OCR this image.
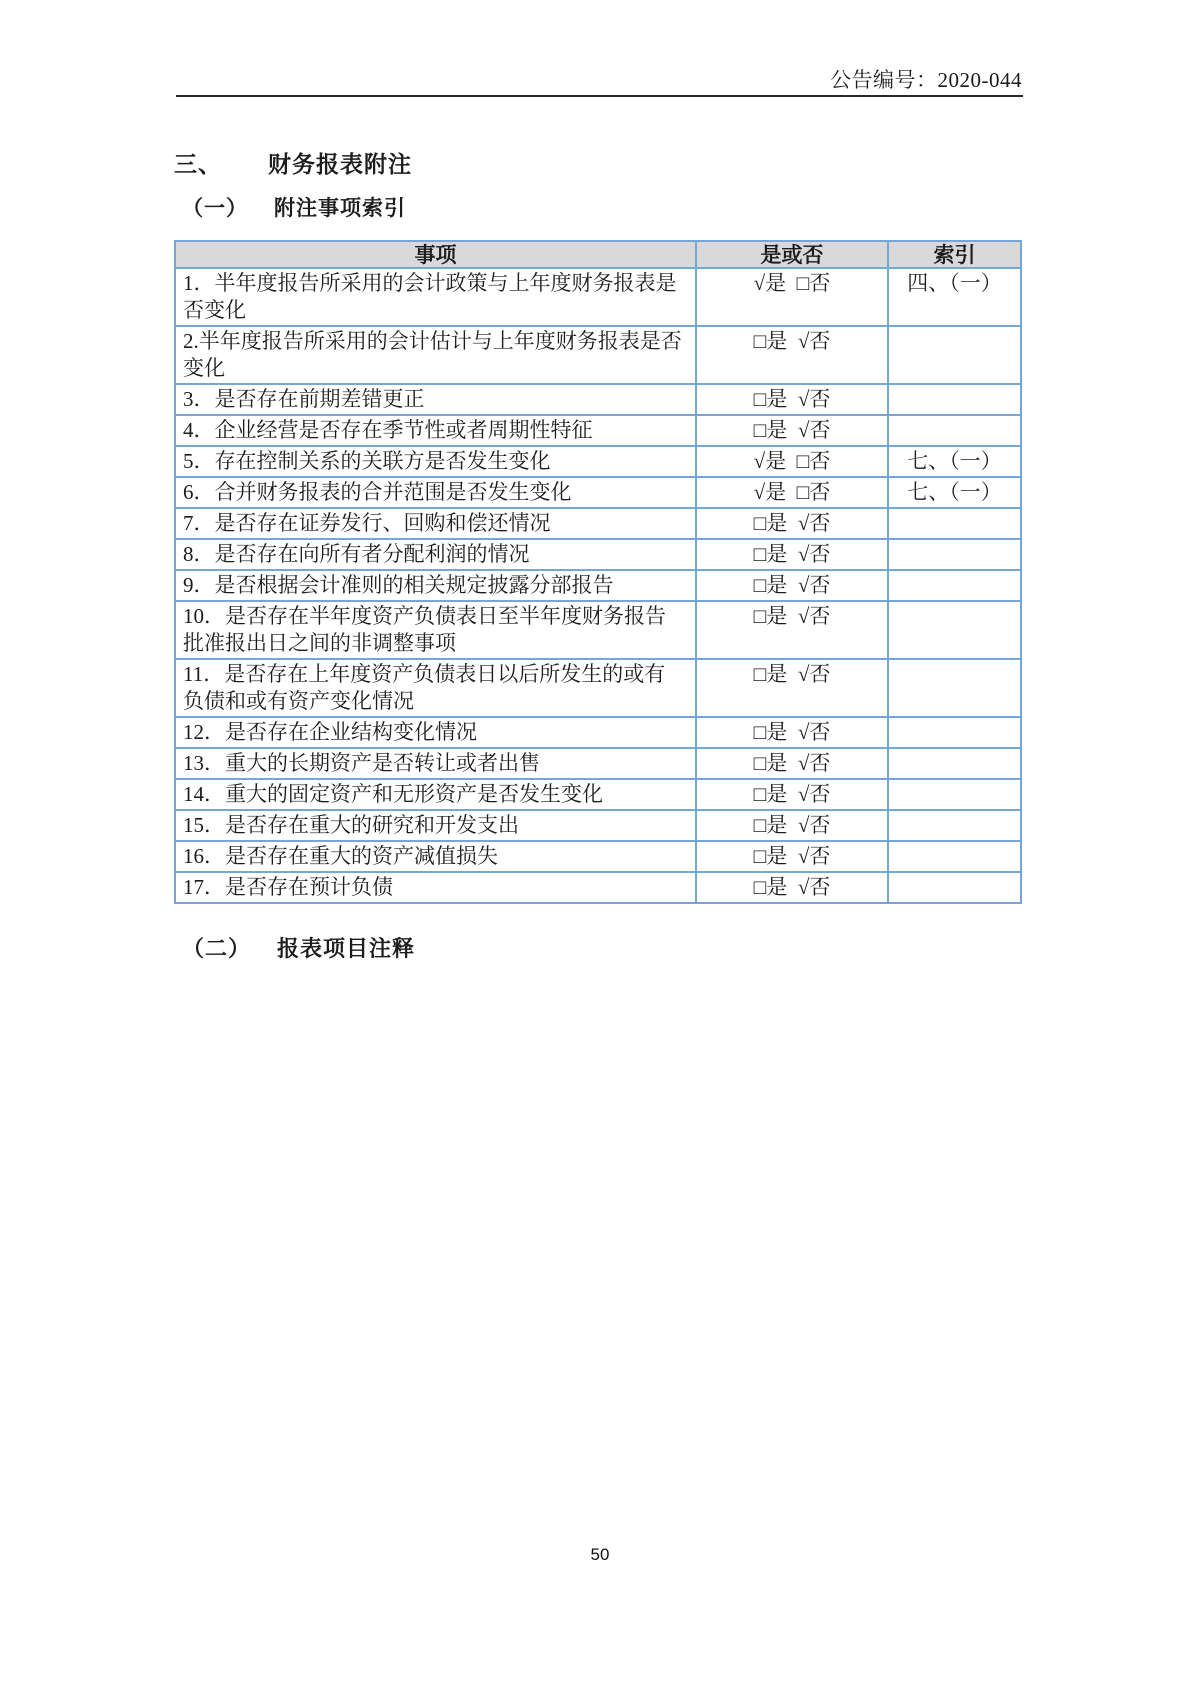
公告编号：2020-044
三、 财务报表附注
（一） 附注事项索引
事项	是或否	索引
1．半年度报告所采用的会计政策与上年度财务报表是否变化	√是  □否	四、（一）
2.半年度报告所采用的会计估计与上年度财务报表是否变化	□是  √否	
3．是否存在前期差错更正	□是  √否	
4．企业经营是否存在季节性或者周期性特征	□是  √否	
5．存在控制关系的关联方是否发生变化	√是  □否	七、（一）
6．合并财务报表的合并范围是否发生变化	√是  □否	七、（一）
7．是否存在证券发行、回购和偿还情况	□是  √否	
8．是否存在向所有者分配利润的情况	□是  √否	
9．是否根据会计准则的相关规定披露分部报告	□是  √否	
10．是否存在半年度资产负债表日至半年度财务报告批准报出日之间的非调整事项	□是  √否	
11．是否存在上年度资产负债表日以后所发生的或有负债和或有资产变化情况	□是  √否	
12．是否存在企业结构变化情况	□是  √否	
13．重大的长期资产是否转让或者出售	□是  √否	
14．重大的固定资产和无形资产是否发生变化	□是  √否	
15．是否存在重大的研究和开发支出	□是  √否	
16．是否存在重大的资产减值损失	□是  √否	
17．是否存在预计负债	□是  √否	
（二） 报表项目注释
50
